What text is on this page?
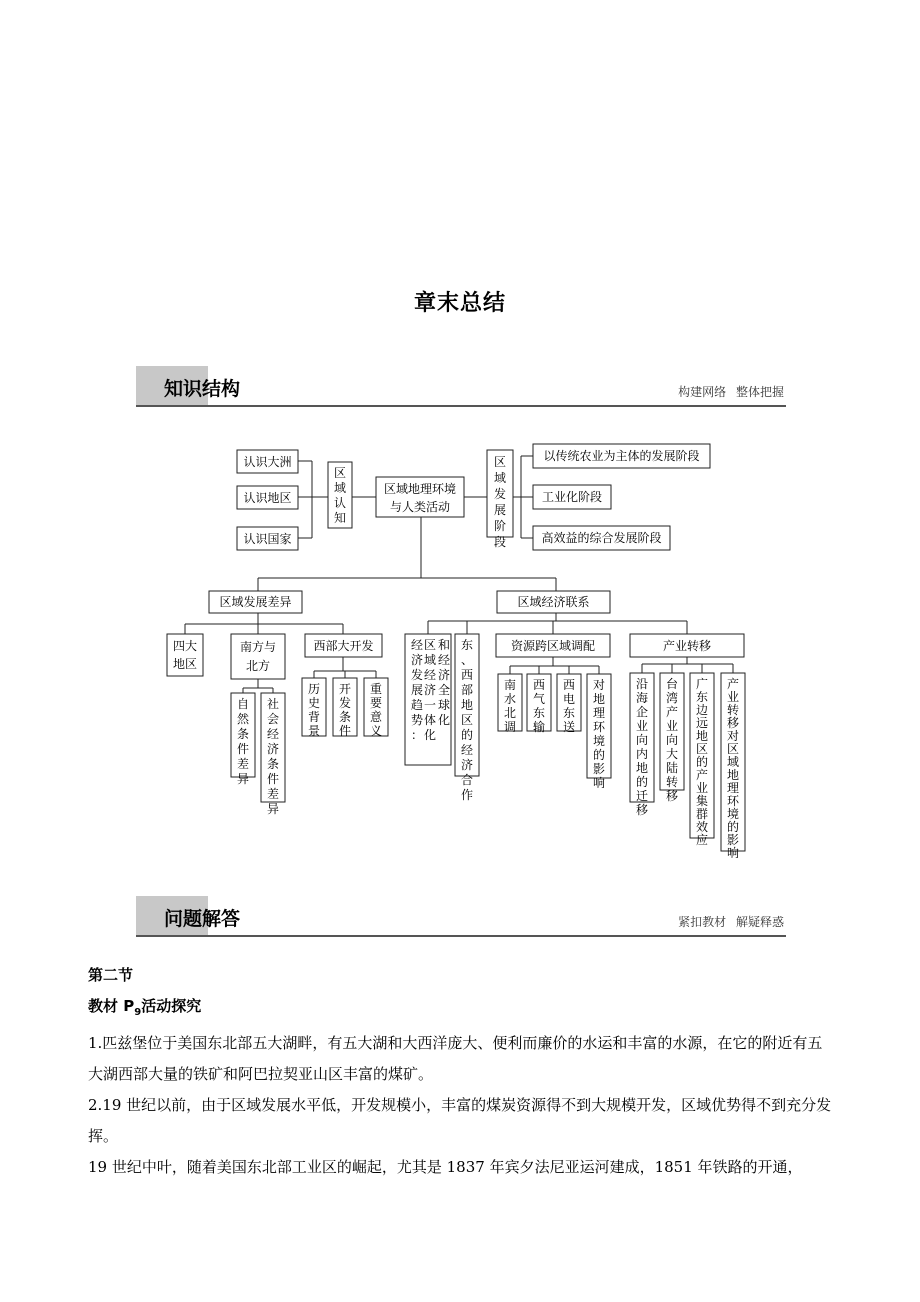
章末总结
知识结构	构建网络 整体把握
认识大洲
认识地区
认识国家
区
域
认
知
区域地理环境
与人类活动
区
域
发
展
阶
段
以传统农业为主体的发展阶段
工业化阶段
高效益的综合发展阶段
区域发展差异
四大
地区
南方与
北方
自
然
条
件
差
异
社
会
经
济
条
件
差
异
西部大开发
历
史
背
景
开
发
条
件
重
要
意
义
区域经济联系
经
济
发
展
趋
势
：
区
域
经
济
一
体
化
和
经
济
全
球
化
东
、
西
部
地
区
的
经
济
合
作
资源跨区域调配
南
水
北
调
西
气
东
输
西
电
东
送
对
地
理
环
境
的
影
响
产业转移
沿
海
企
业
向
内
地
的
迁
移
台
湾
产
业
向
大
陆
转
移
广
东
边
远
地
区
的
产
业
集
群
效
应
产
业
转
移
对
区
域
地
理
环
境
的
影
响
问题解答	紧扣教材 解疑释惑

第二节

教材 $P_9$活动探究

1.匹兹堡位于美国东北部五大湖畔，有五大湖和大西洋庞大、便利而廉价的水运和丰富的水源，在它的附近有五大湖西部大量的铁矿和阿巴拉契亚山区丰富的煤矿。

2.19 世纪以前，由于区域发展水平低，开发规模小，丰富的煤炭资源得不到大规模开发，区域优势得不到充分发挥。

19 世纪中叶，随着美国东北部工业区的崛起，尤其是 1837 年宾夕法尼亚运河建成，1851 年铁路的开通，
